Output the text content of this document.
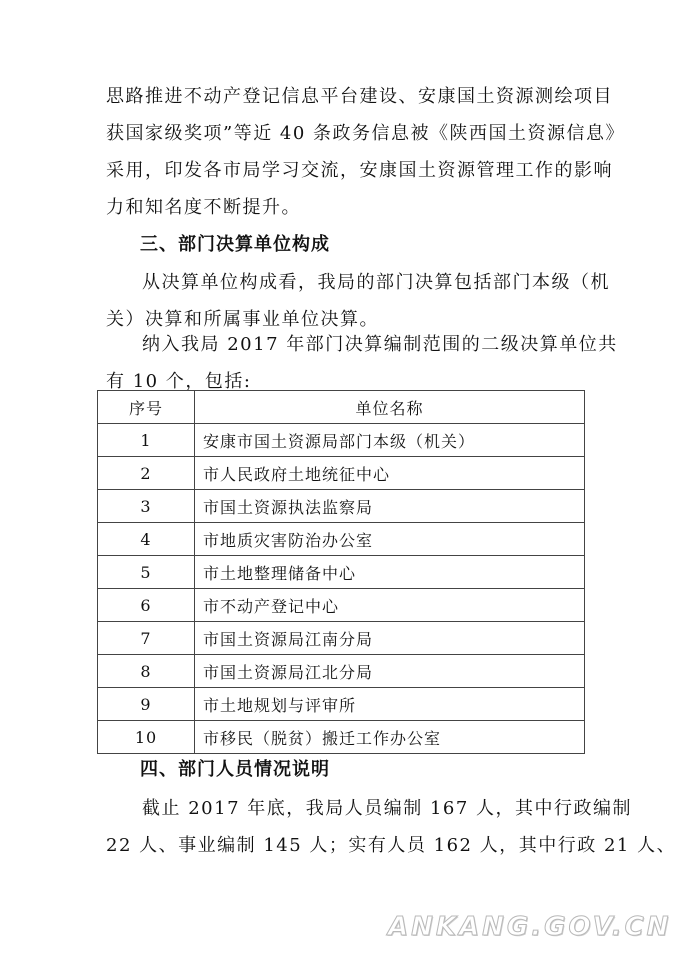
思路推进不动产登记信息平台建设、安康国土资源测绘项目
获国家级奖项”等近 40 条政务信息被《陕西国土资源信息》
采用，印发各市局学习交流，安康国土资源管理工作的影响
力和知名度不断提升。

三、部门决算单位构成

从决算单位构成看，我局的部门决算包括部门本级（机
关）决算和所属事业单位决算。

纳入我局 2017 年部门决算编制范围的二级决算单位共
有 10 个，包括:

序号	单位名称
1	安康市国土资源局部门本级（机关）
2	市人民政府土地统征中心
3	市国土资源执法监察局
4	市地质灾害防治办公室
5	市土地整理储备中心
6	市不动产登记中心
7	市国土资源局江南分局
8	市国土资源局江北分局
9	市土地规划与评审所
10	市移民（脱贫）搬迁工作办公室
四、部门人员情况说明

截止 2017 年底，我局人员编制 167 人，其中行政编制
22 人、事业编制 145 人；实有人员 162 人，其中行政 21 人、

ANKANG.GOV.CN
